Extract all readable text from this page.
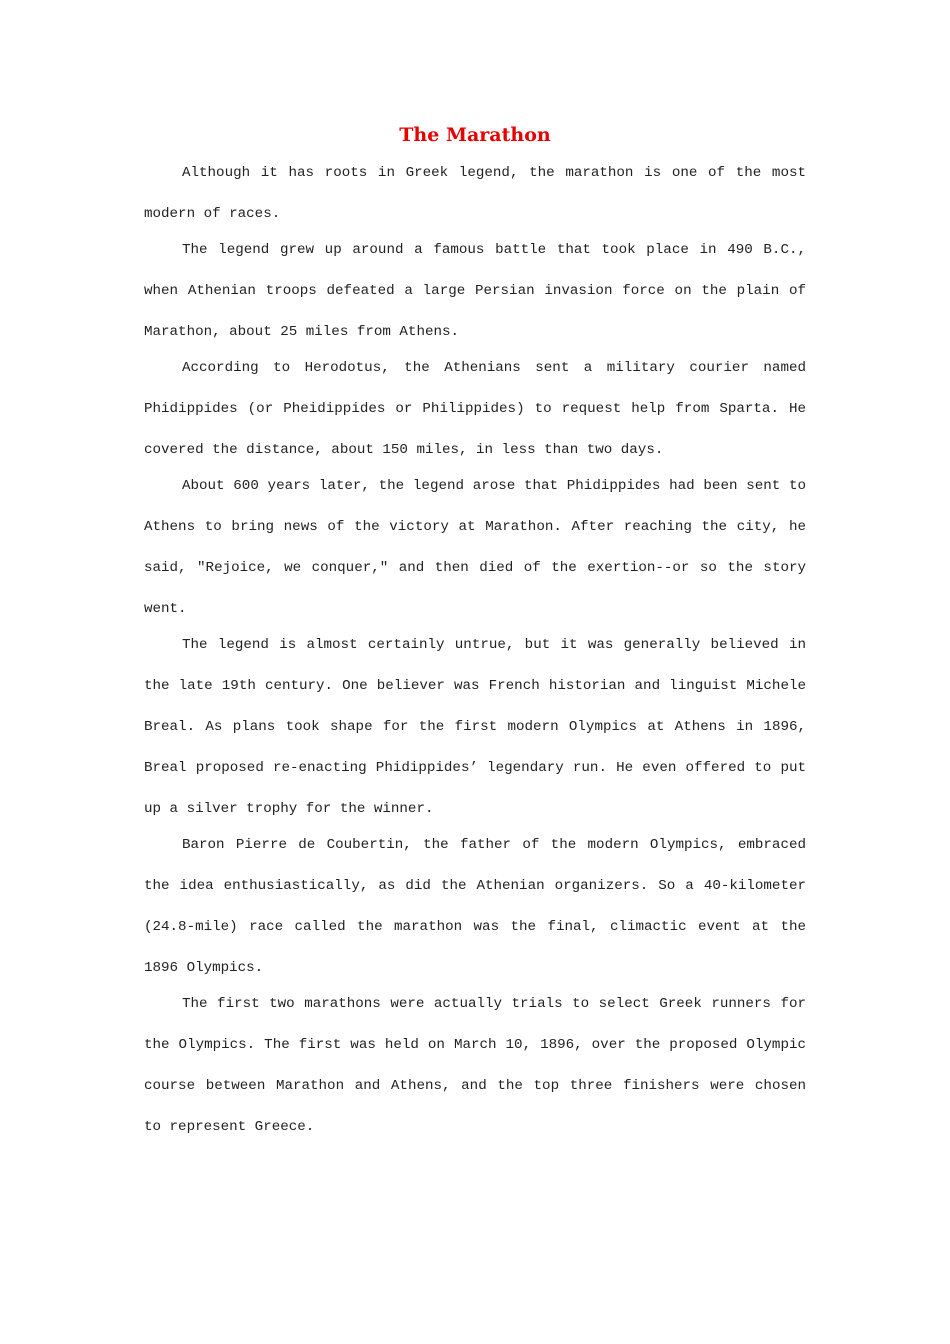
The Marathon

Although it has roots in Greek legend, the marathon is one of the most modern of races.

The legend grew up around a famous battle that took place in 490 B.C., when Athenian troops defeated a large Persian invasion force on the plain of Marathon, about 25 miles from Athens.

According to Herodotus, the Athenians sent a military courier named Phidippides (or Pheidippides or Philippides) to request help from Sparta. He covered the distance, about 150 miles, in less than two days.

About 600 years later, the legend arose that Phidippides had been sent to Athens to bring news of the victory at Marathon. After reaching the city, he said, "Rejoice, we conquer," and then died of the exertion--or so the story went.

The legend is almost certainly untrue, but it was generally believed in the late 19th century. One believer was French historian and linguist Michele Breal. As plans took shape for the first modern Olympics at Athens in 1896, Breal proposed re-enacting Phidippides’ legendary run. He even offered to put up a silver trophy for the winner.

Baron Pierre de Coubertin, the father of the modern Olympics, embraced the idea enthusiastically, as did the Athenian organizers. So a 40-kilometer (24.8-mile) race called the marathon was the final, climactic event at the 1896 Olympics.

The first two marathons were actually trials to select Greek runners for the Olympics. The first was held on March 10, 1896, over the proposed Olympic course between Marathon and Athens, and the top three finishers were chosen to represent Greece.
